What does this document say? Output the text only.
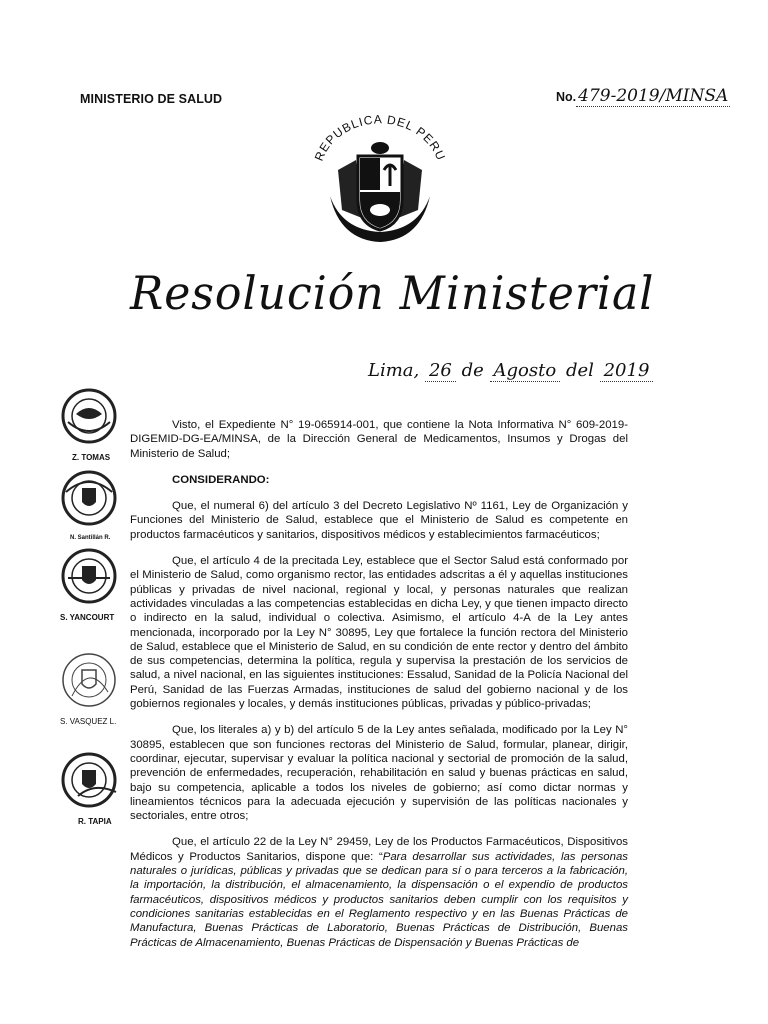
MINISTERIO DE SALUD	No. 479-2019/MINSA
REPUBLICA DEL PERU
Resolución Ministerial
Lima, 26 de Agosto del 2019
Z. TOMAS
N. Santillán R.
S. YANCOURT
S. VASQUEZ L.
R. TAPIA

Visto, el Expediente N° 19-065914-001, que contiene la Nota Informativa N° 609-2019-DIGEMID-DG-EA/MINSA, de la Dirección General de Medicamentos, Insumos y Drogas del Ministerio de Salud;

CONSIDERANDO:

Que, el numeral 6) del artículo 3 del Decreto Legislativo Nº 1161, Ley de Organización y Funciones del Ministerio de Salud, establece que el Ministerio de Salud es competente en productos farmacéuticos y sanitarios, dispositivos médicos y establecimientos farmacéuticos;

Que, el artículo 4 de la precitada Ley, establece que el Sector Salud está conformado por el Ministerio de Salud, como organismo rector, las entidades adscritas a él y aquellas instituciones públicas y privadas de nivel nacional, regional y local, y personas naturales que realizan actividades vinculadas a las competencias establecidas en dicha Ley, y que tienen impacto directo o indirecto en la salud, individual o colectiva. Asimismo, el artículo 4-A de la Ley antes mencionada, incorporado por la Ley N° 30895, Ley que fortalece la función rectora del Ministerio de Salud, establece que el Ministerio de Salud, en su condición de ente rector y dentro del ámbito de sus competencias, determina la política, regula y supervisa la prestación de los servicios de salud, a nivel nacional, en las siguientes instituciones: Essalud, Sanidad de la Policía Nacional del Perú, Sanidad de las Fuerzas Armadas, instituciones de salud del gobierno nacional y de los gobiernos regionales y locales, y demás instituciones públicas, privadas y público-privadas;

Que, los literales a) y b) del artículo 5 de la Ley antes señalada, modificado por la Ley N° 30895, establecen que son funciones rectoras del Ministerio de Salud, formular, planear, dirigir, coordinar, ejecutar, supervisar y evaluar la política nacional y sectorial de promoción de la salud, prevención de enfermedades, recuperación, rehabilitación en salud y buenas prácticas en salud, bajo su competencia, aplicable a todos los niveles de gobierno; así como dictar normas y lineamientos técnicos para la adecuada ejecución y supervisión de las políticas nacionales y sectoriales, entre otros;

Que, el artículo 22 de la Ley N° 29459, Ley de los Productos Farmacéuticos, Dispositivos Médicos y Productos Sanitarios, dispone que: “Para desarrollar sus actividades, las personas naturales o jurídicas, públicas y privadas que se dedican para sí o para terceros a la fabricación, la importación, la distribución, el almacenamiento, la dispensación o el expendio de productos farmacéuticos, dispositivos médicos y productos sanitarios deben cumplir con los requisitos y condiciones sanitarias establecidas en el Reglamento respectivo y en las Buenas Prácticas de Manufactura, Buenas Prácticas de Laboratorio, Buenas Prácticas de Distribución, Buenas Prácticas de Almacenamiento, Buenas Prácticas de Dispensación y Buenas Prácticas de
